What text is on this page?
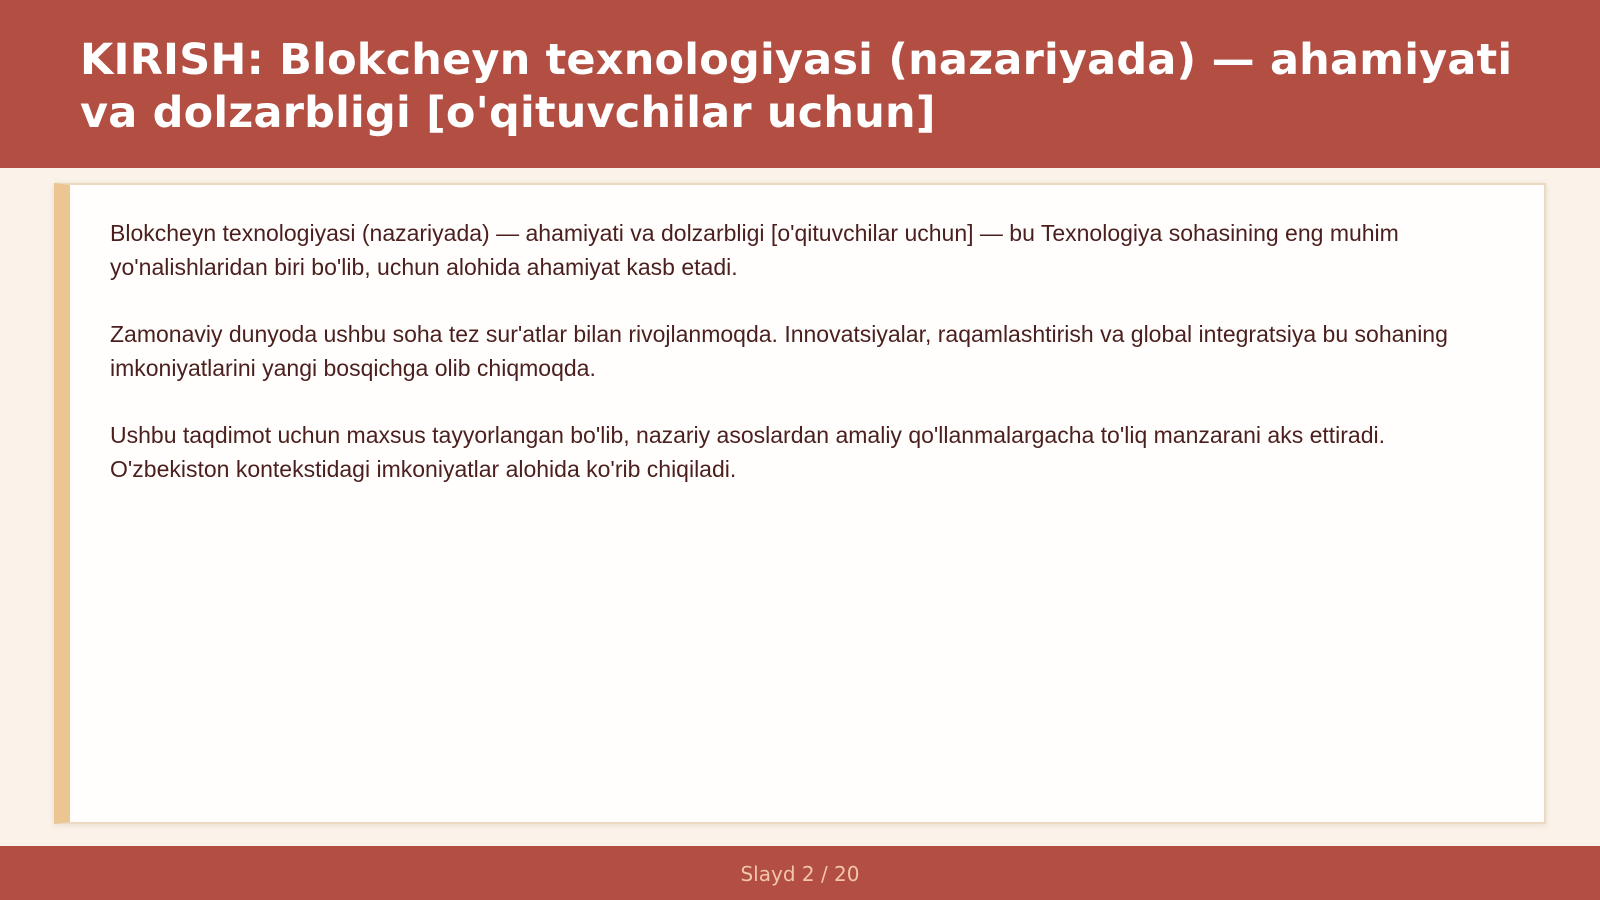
KIRISH: Blokcheyn texnologiyasi (nazariyada) — ahamiyati va dolzarbligi [o'qituvchilar uchun]

Blokcheyn texnologiyasi (nazariyada) — ahamiyati va dolzarbligi [o'qituvchilar uchun] — bu Texnologiya sohasining eng muhim yo'nalishlaridan biri bo'lib, uchun alohida ahamiyat kasb etadi.

Zamonaviy dunyoda ushbu soha tez sur'atlar bilan rivojlanmoqda. Innovatsiyalar, raqamlashtirish va global integratsiya bu sohaning imkoniyatlarini yangi bosqichga olib chiqmoqda.

Ushbu taqdimot uchun maxsus tayyorlangan bo'lib, nazariy asoslardan amaliy qo'llanmalargacha to'liq manzarani aks ettiradi. O'zbekiston kontekstidagi imkoniyatlar alohida ko'rib chiqiladi.

Slayd 2 / 20
